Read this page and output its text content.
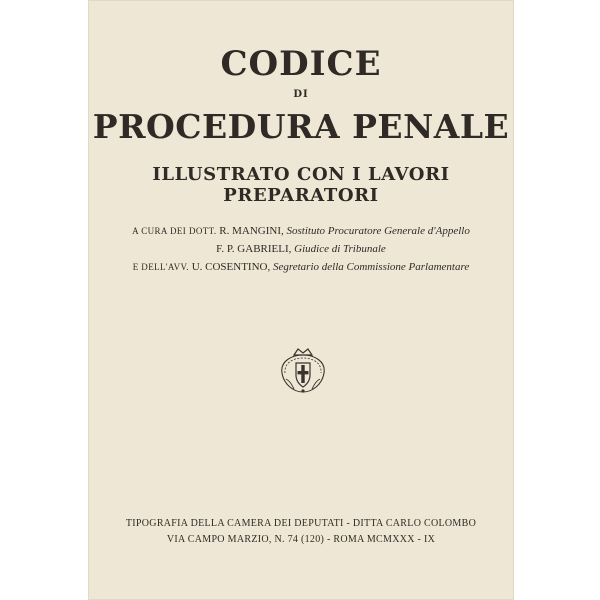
CODICE
DI
PROCEDURA PENALE
ILLUSTRATO CON I LAVORI PREPARATORI
A CURA DEI DOTT. R. MANGINI, Sostituto Procuratore Generale d'Appello
F. P. GABRIELI, Giudice di Tribunale
E DELL'AVV. U. COSENTINO, Segretario della Commissione Parlamentare
TIPOGRAFIA DELLA CAMERA DEI DEPUTATI - DITTA CARLO COLOMBO
VIA CAMPO MARZIO, N. 74 (120) - ROMA MCMXXX - IX
